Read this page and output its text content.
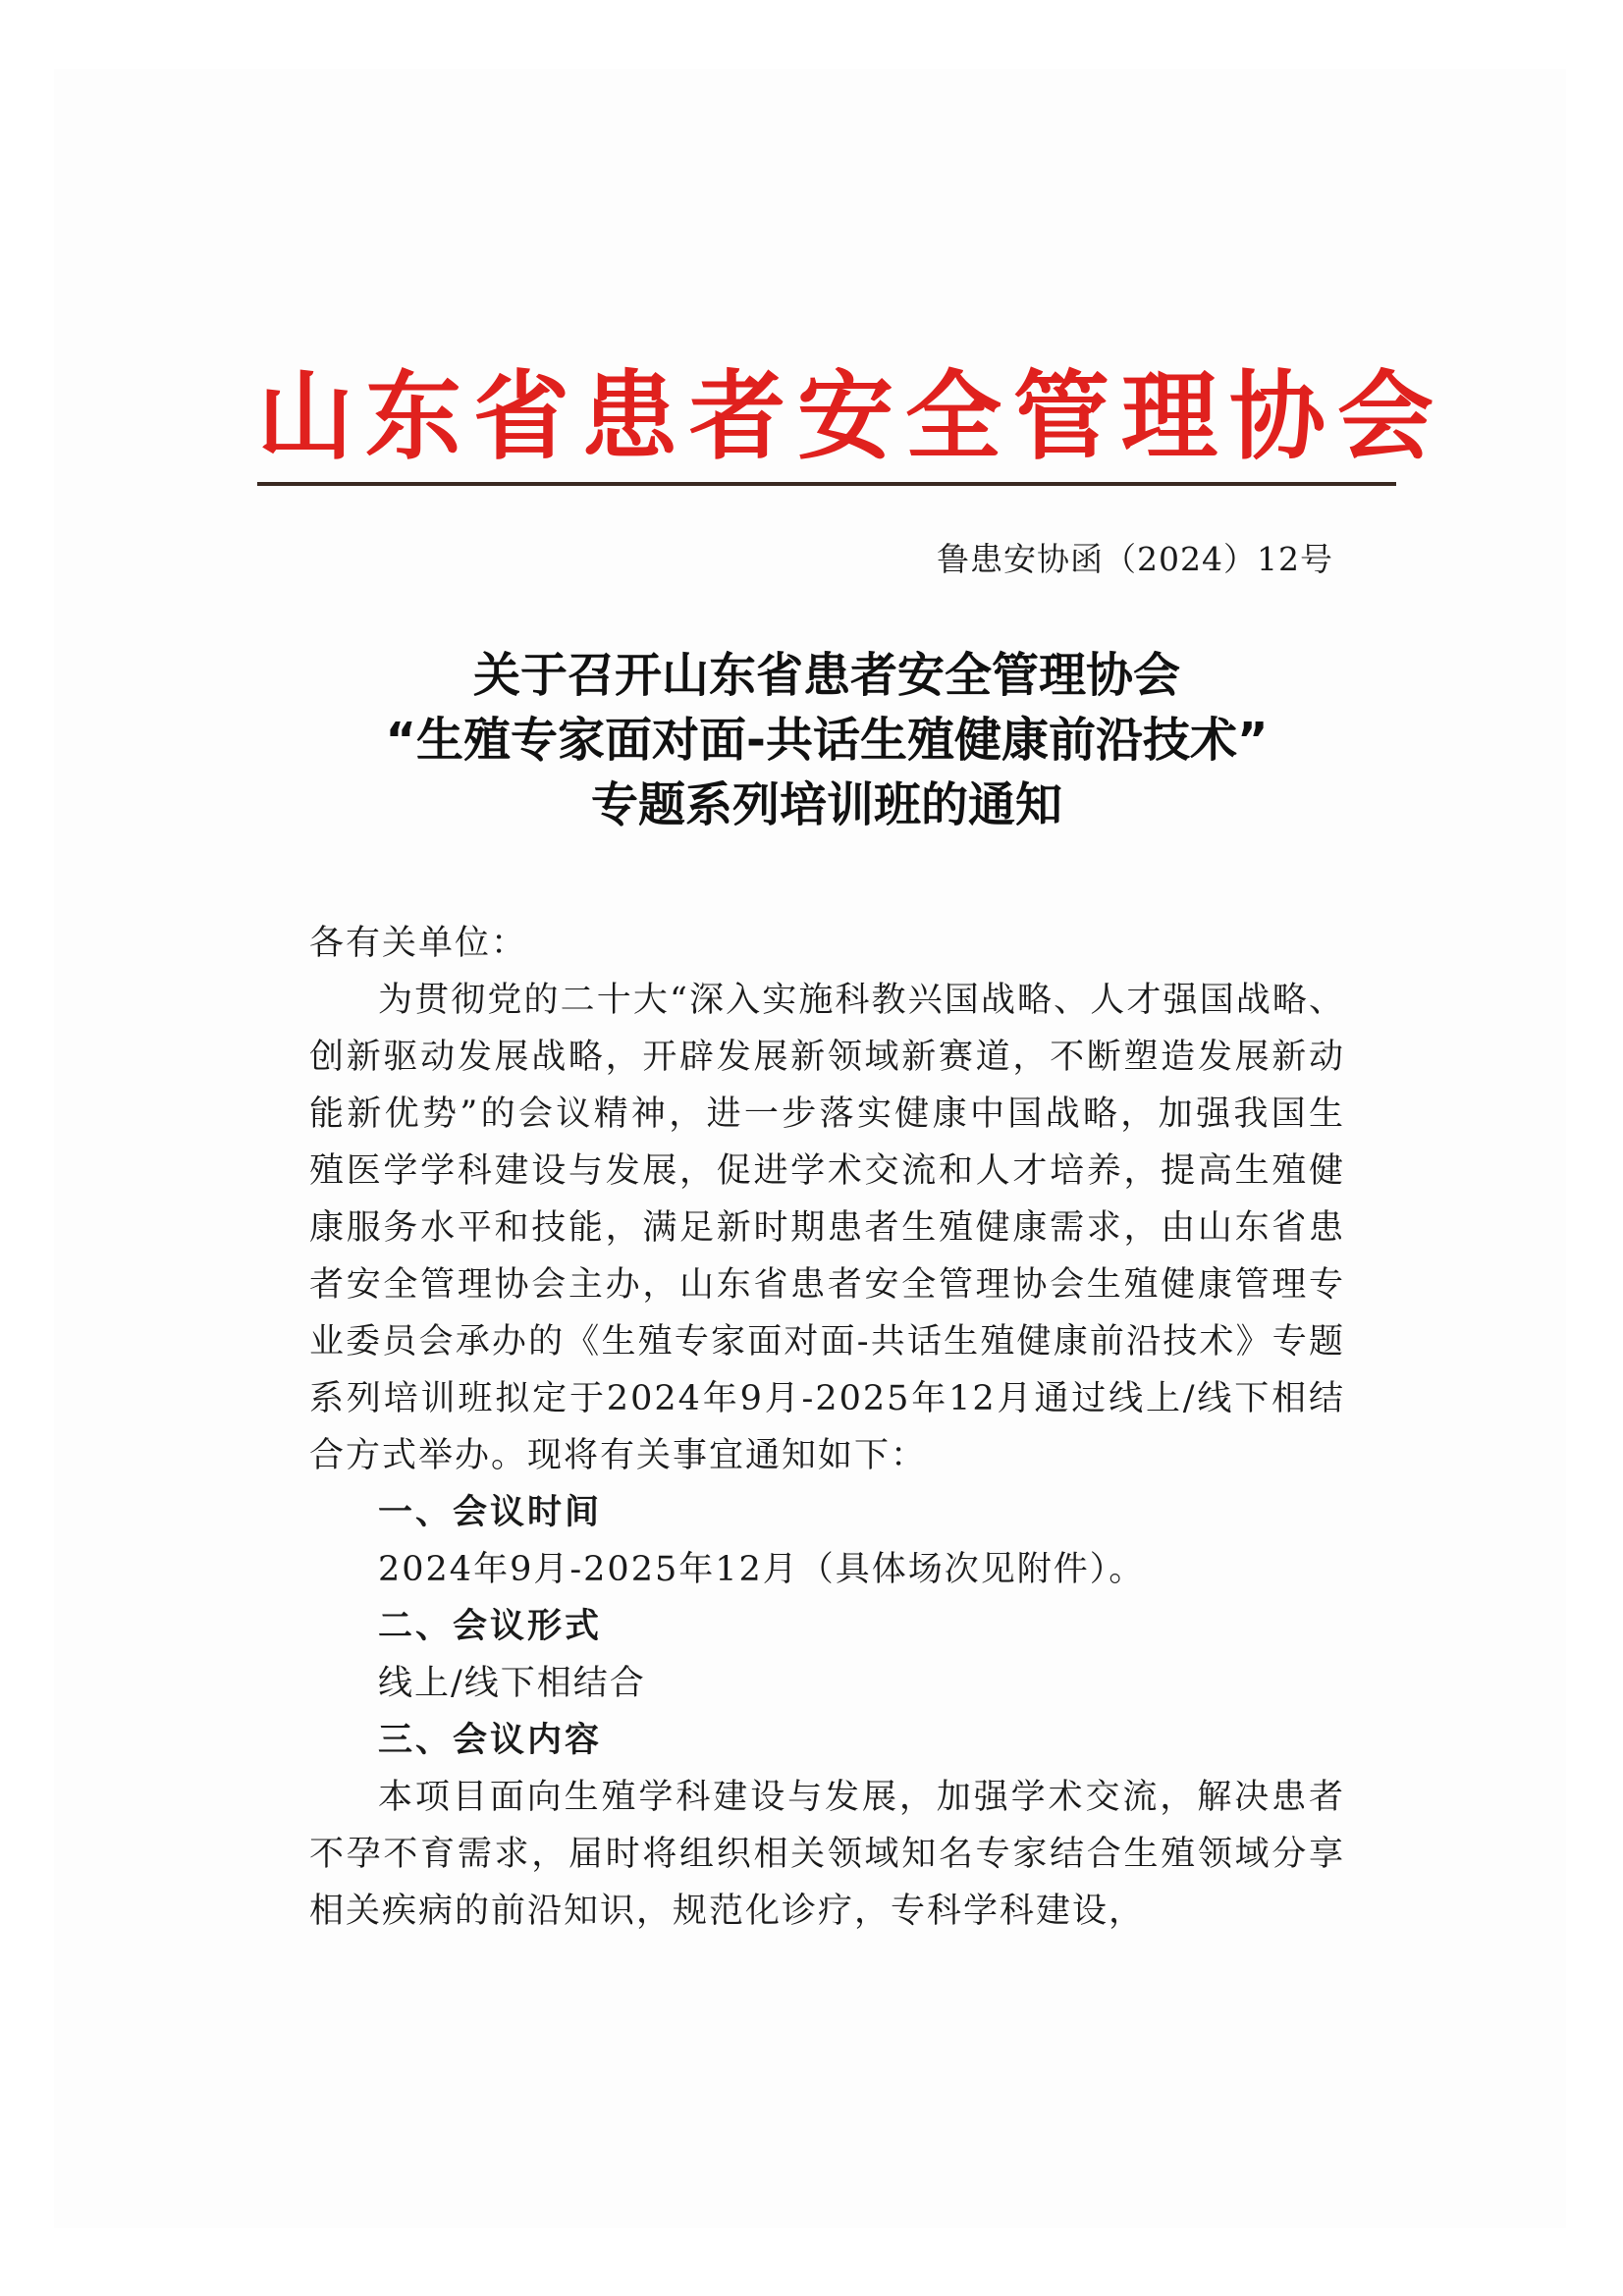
山东省患者安全管理协会
鲁患安协函（2024）12号
关于召开山东省患者安全管理协会
“生殖专家面对面-共话生殖健康前沿技术”
专题系列培训班的通知

各有关单位：

为贯彻党的二十大“深入实施科教兴国战略、人才强国战略、创新驱动发展战略，开辟发展新领域新赛道，不断塑造发展新动能新优势”的会议精神，进一步落实健康中国战略，加强我国生殖医学学科建设与发展，促进学术交流和人才培养，提高生殖健康服务水平和技能，满足新时期患者生殖健康需求，由山东省患者安全管理协会主办，山东省患者安全管理协会生殖健康管理专业委员会承办的《生殖专家面对面-共话生殖健康前沿技术》专题系列培训班拟定于2024年9月-2025年12月通过线上/线下相结合方式举办。现将有关事宜通知如下：

一、会议时间

2024年9月-2025年12月（具体场次见附件）。

二、会议形式

线上/线下相结合

三、会议内容

本项目面向生殖学科建设与发展，加强学术交流，解决患者不孕不育需求，届时将组织相关领域知名专家结合生殖领域分享相关疾病的前沿知识，规范化诊疗，专科学科建设，
